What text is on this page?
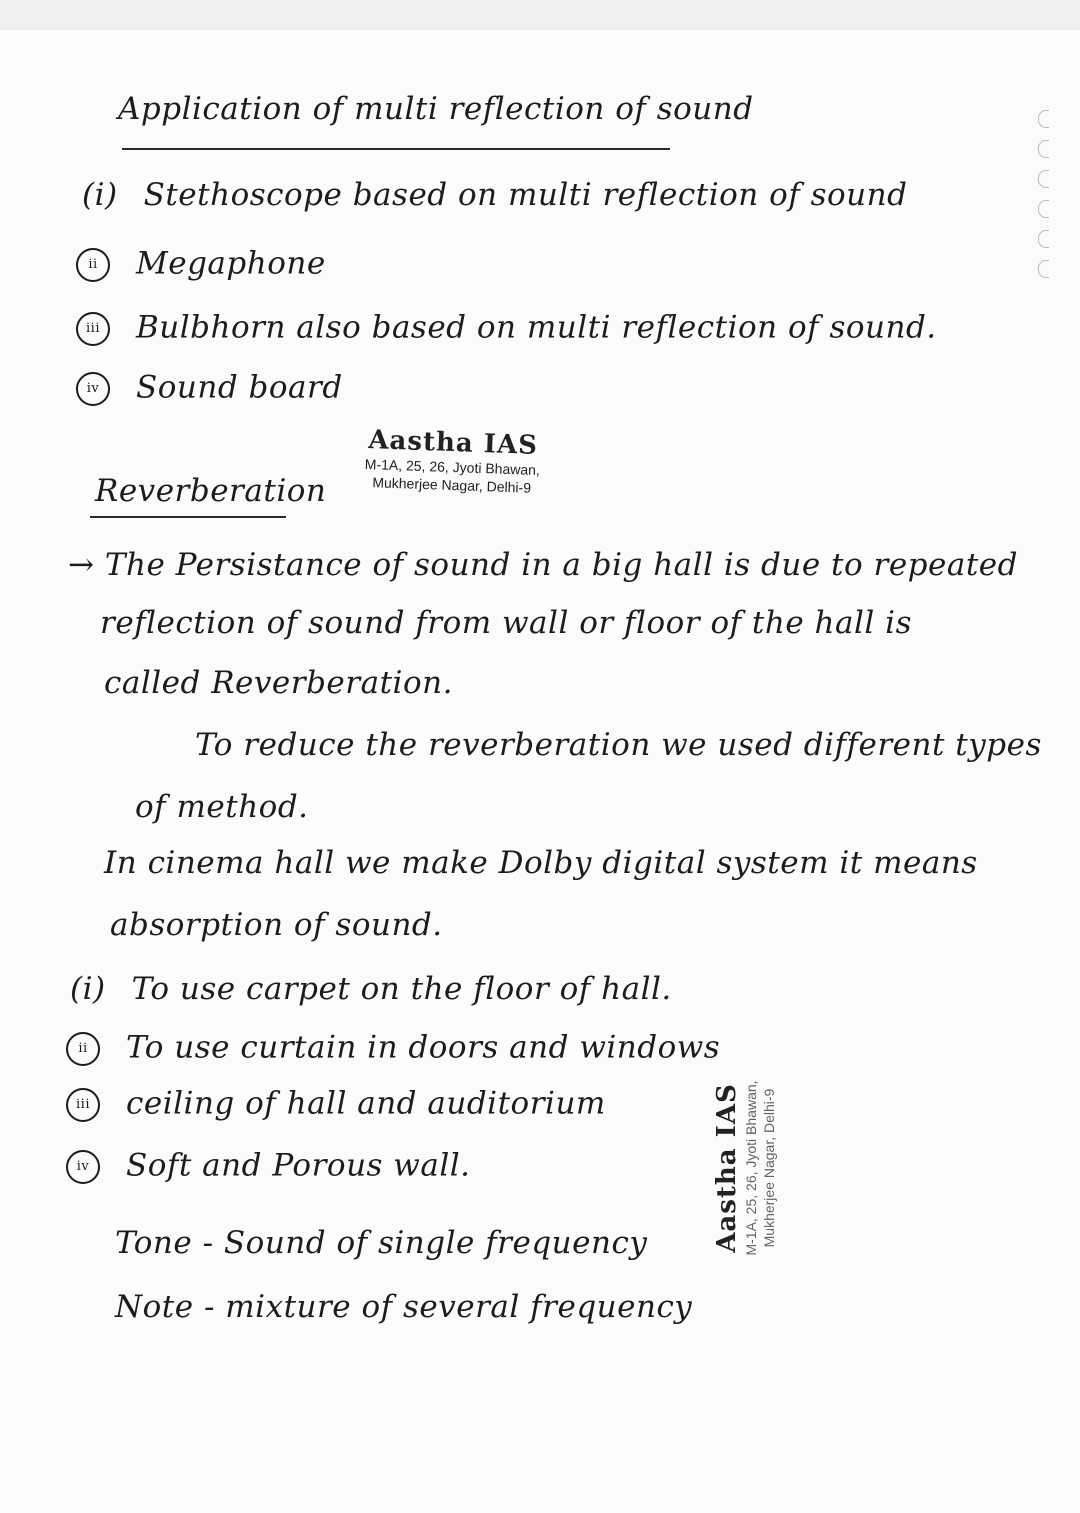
Application of multi reflection of sound
(i) Stethoscope based on multi reflection of sound
ii Megaphone
iii Bulbhorn also based on multi reflection of sound.
iv Sound board
Aastha IAS
M-1A, 25, 26, Jyoti Bhawan,
Mukherjee Nagar, Delhi-9
Reverberation
→ The Persistance of sound in a big hall is due to repeated
reflection of sound from wall or floor of the hall is
called Reverberation.
To reduce the reverberation we used different types
of method.
In cinema hall we make Dolby digital system it means
absorption of sound.
(i) To use carpet on the floor of hall.
ii To use curtain in doors and windows
iii ceiling of hall and auditorium
iv Soft and Porous wall.	Aastha IAS M-1A, 25, 26, Jyoti Bhawan, Mukherjee Nagar, Delhi-9
Tone - Sound of single frequency
Note - mixture of several frequency
